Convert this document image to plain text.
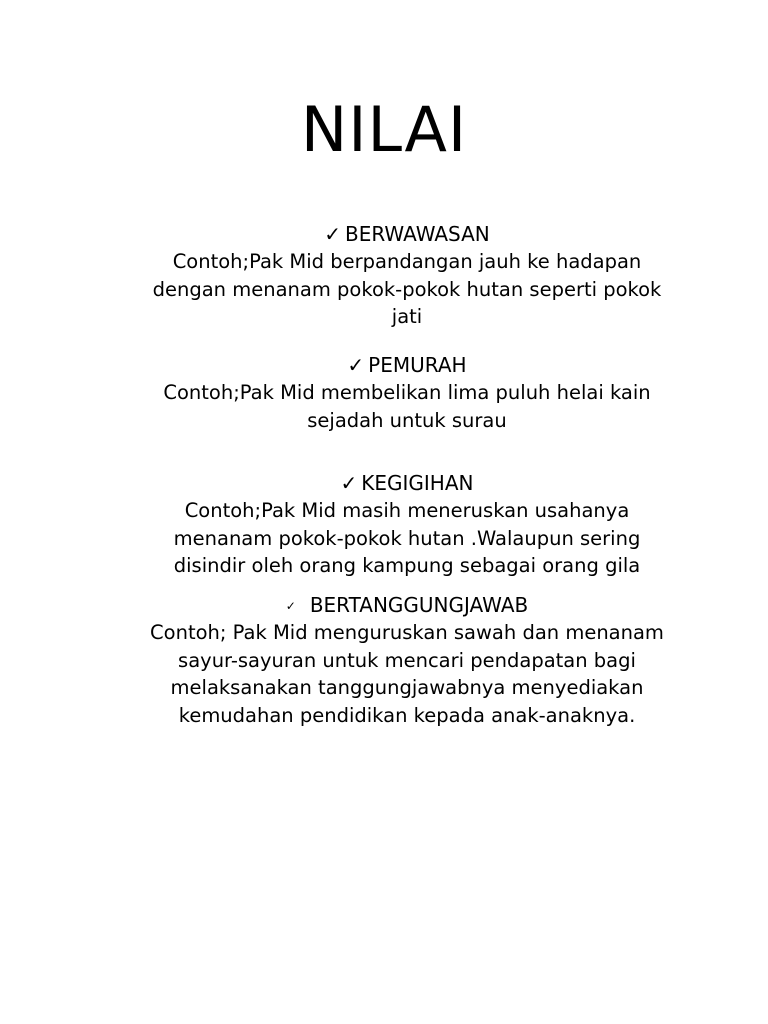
NILAI
✓ BERWAWASAN
Contoh;Pak Mid berpandangan jauh ke hadapan
dengan menanam pokok-pokok hutan seperti pokok
jati
✓ PEMURAH
Contoh;Pak Mid membelikan lima puluh helai kain
sejadah untuk surau
✓ KEGIGIHAN
Contoh;Pak Mid masih meneruskan usahanya
menanam pokok-pokok hutan .Walaupun sering
disindir oleh orang kampung sebagai orang gila
✓ BERTANGGUNGJAWAB
Contoh; Pak Mid menguruskan sawah dan menanam
sayur-sayuran untuk mencari pendapatan bagi
melaksanakan tanggungjawabnya menyediakan
kemudahan pendidikan kepada anak-anaknya.
